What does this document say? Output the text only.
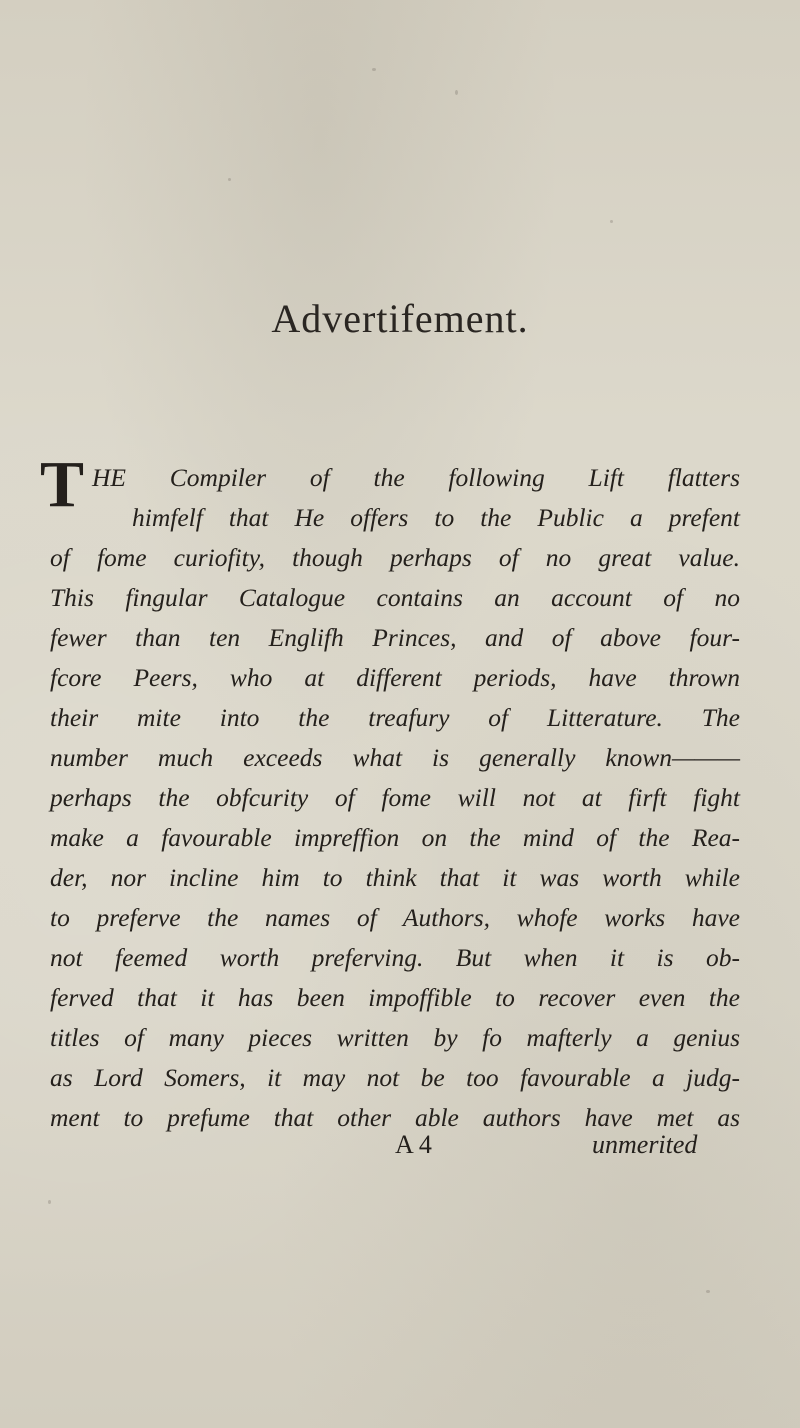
Advertifement.
T HE Compiler of the following Lift flatters
himfelf that He offers to the Public a prefent
of fome curiofity, though perhaps of no great value.
This fingular Catalogue contains an account of no
fewer than ten Englifh Princes, and of above four-
fcore Peers, who at different periods, have thrown
their mite into the treafury of Litterature. The
number much exceeds what is generally known———
perhaps the obfcurity of fome will not at firft fight
make a favourable impreffion on the mind of the Rea-
der, nor incline him to think that it was worth while
to preferve the names of Authors, whofe works have
not feemed worth preferving. But when it is ob-
ferved that it has been impoffible to recover even the
titles of many pieces written by fo mafterly a genius
as Lord Somers, it may not be too favourable a judg-
ment to prefume that other able authors have met as
A 4	unmerited
